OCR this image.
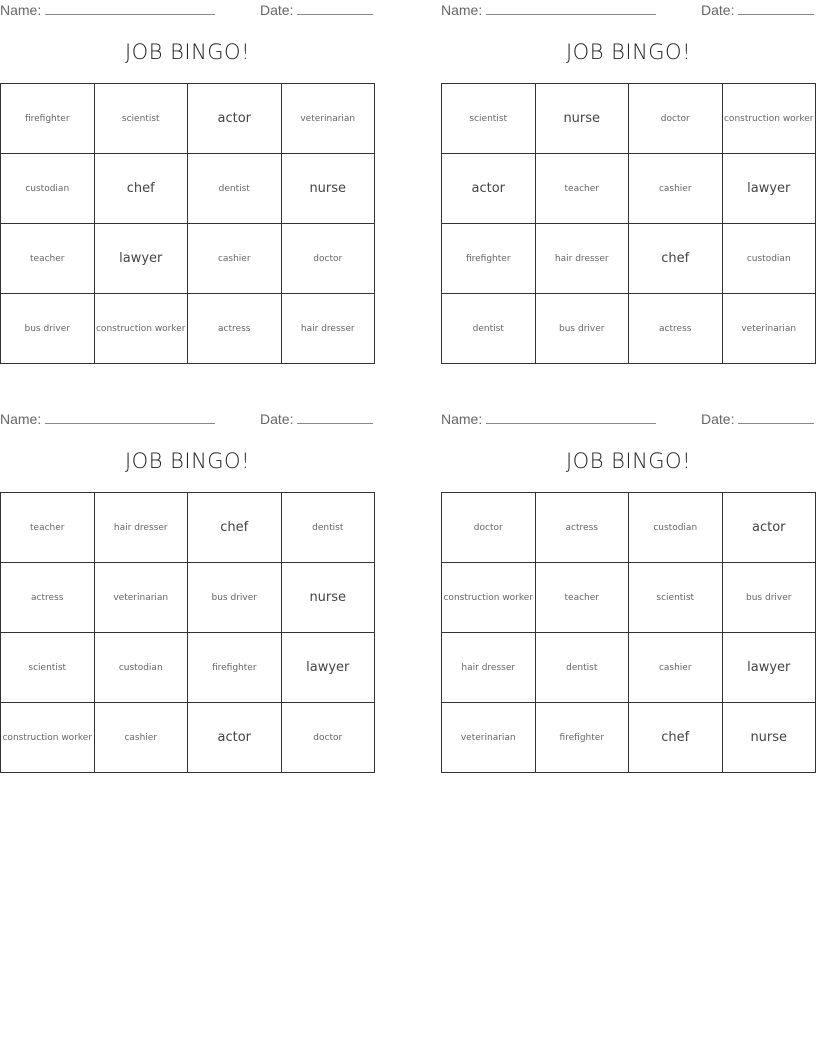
Name:	Date:
JOB BINGO!
firefighter	scientist	actor	veterinarian
custodian	chef	dentist	nurse
teacher	lawyer	cashier	doctor
bus driver	construction worker	actress	hair dresser
Name:	Date:
JOB BINGO!
scientist	nurse	doctor	construction worker
actor	teacher	cashier	lawyer
firefighter	hair dresser	chef	custodian
dentist	bus driver	actress	veterinarian
Name:	Date:
JOB BINGO!
teacher	hair dresser	chef	dentist
actress	veterinarian	bus driver	nurse
scientist	custodian	firefighter	lawyer
construction worker	cashier	actor	doctor
Name:	Date:
JOB BINGO!
doctor	actress	custodian	actor
construction worker	teacher	scientist	bus driver
hair dresser	dentist	cashier	lawyer
veterinarian	firefighter	chef	nurse
